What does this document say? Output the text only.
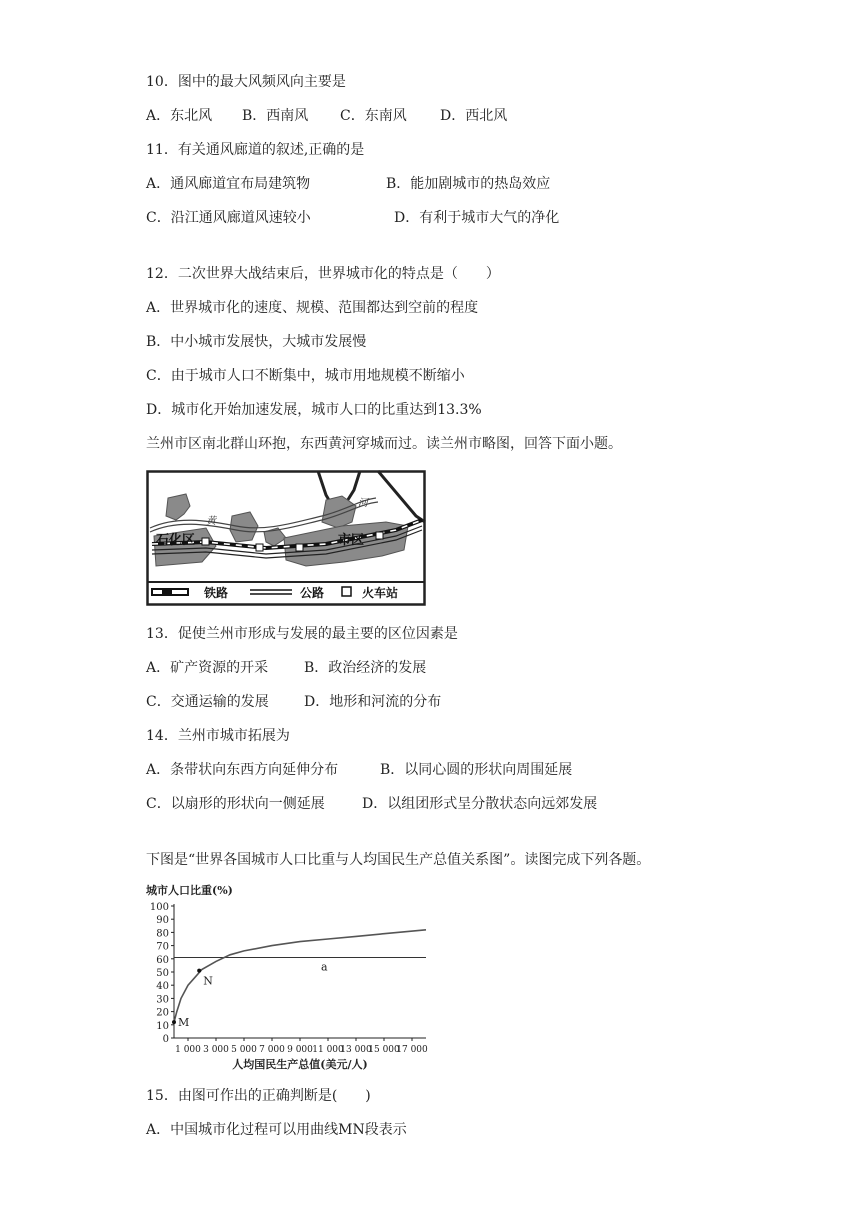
10．图中的最大风频风向主要是
A．东北风 B．西南风 C．东南风 D．西北风
11．有关通风廊道的叙述,正确的是
A．通风廊道宜布局建筑物	B．能加剧城市的热岛效应
C．沿江通风廊道风速较小	D．有利于城市大气的净化
12．二次世界大战结束后，世界城市化的特点是（　　）
A．世界城市化的速度、规模、范围都达到空前的程度
B．中小城市发展快，大城市发展慢
C．由于城市人口不断集中，城市用地规模不断缩小
D．城市化开始加速发展，城市人口的比重达到13.3%
兰州市区南北群山环抱，东西黄河穿城而过。读兰州市略图，回答下面小题。
石化区	市区
黄
河
铁路	公路	火车站
13．促使兰州市形成与发展的最主要的区位因素是
A．矿产资源的开采	B．政治经济的发展
C．交通运输的发展	D．地形和河流的分布
14．兰州市城市拓展为
A．条带状向东西方向延伸分布	B．以同心圆的形状向周围延展
C．以扇形的形状向一侧延展	D．以组团形式呈分散状态向远郊发展
下图是“世界各国城市人口比重与人均国民生产总值关系图”。读图完成下列各题。
城市人口比重(%)
0
10
20
30
40
50
60
70
80
90
100
1 000 3 000 5 000 7 000 9 000 11 000
13 000
15 000
17 000
a
M
N
人均国民生产总值(美元/人)
15．由图可作出的正确判断是(　　)
A．中国城市化过程可以用曲线MN段表示
